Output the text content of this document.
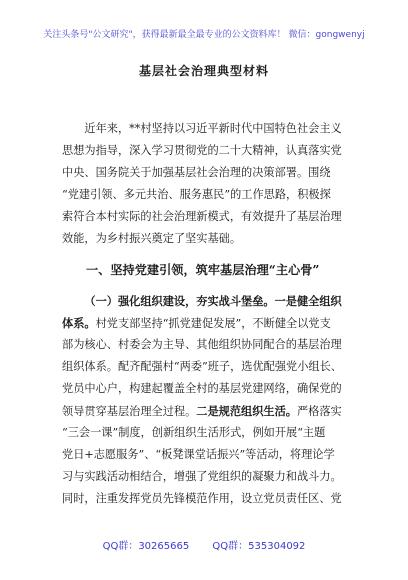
关注头条号"公文研究"，获得最新最全最专业的公文资料库！ 微信：gongwenyj
基层社会治理典型材料
近年来，**村坚持以习近平新时代中国特色社会主义
思想为指导，深入学习贯彻党的二十大精神，认真落实党
中央、国务院关于加强基层社会治理的决策部署。围绕
“党建引领、多元共治、服务惠民”的工作思路，积极探
索符合本村实际的社会治理新模式，有效提升了基层治理
效能，为乡村振兴奠定了坚实基础。
一、坚持党建引领，筑牢基层治理“主心骨”
（一）强化组织建设，夯实战斗堡垒。一是健全组织
体系。村党支部坚持“抓党建促发展”，不断健全以党支
部为核心、村委会为主导、其他组织协同配合的基层治理
组织体系。配齐配强村“两委”班子，选优配强党小组长、
党员中心户，构建起覆盖全村的基层党建网络，确保党的
领导贯穿基层治理全过程。二是规范组织生活。严格落实
“三会一课”制度，创新组织生活形式，例如开展“主题
党日+志愿服务”、“板凳课堂话振兴”等活动，将理论学
习与实践活动相结合，增强了党组织的凝聚力和战斗力。
同时，注重发挥党员先锋模范作用，设立党员责任区、党
QQ群：30265665 QQ群：535304092
